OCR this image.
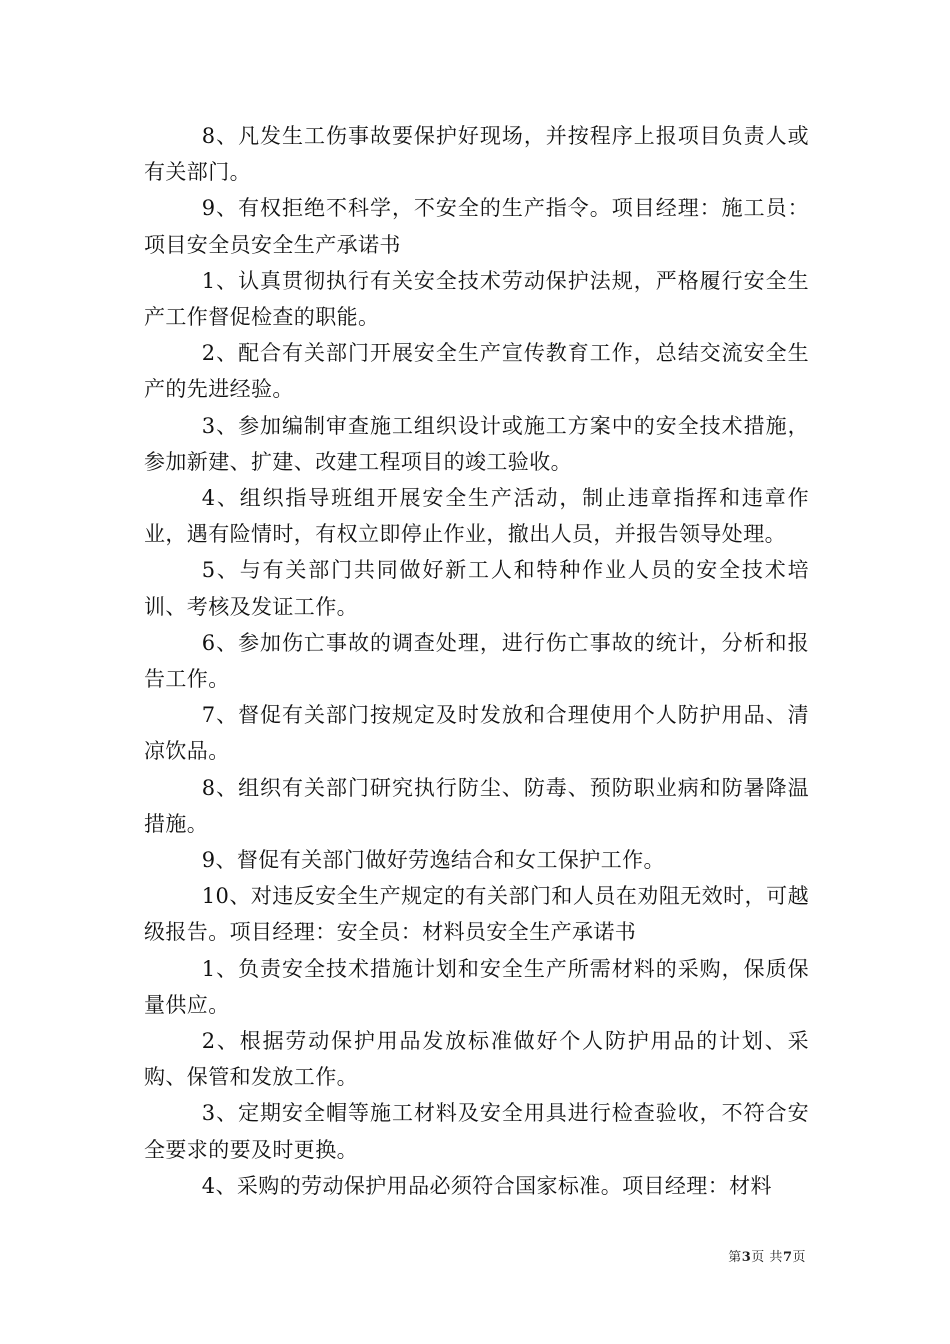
8、凡发生工伤事故要保护好现场，并按程序上报项目负责人或有关部门。

9、有权拒绝不科学，不安全的生产指令。项目经理：施工员：项目安全员安全生产承诺书

1、认真贯彻执行有关安全技术劳动保护法规，严格履行安全生产工作督促检查的职能。

2、配合有关部门开展安全生产宣传教育工作，总结交流安全生产的先进经验。

3、参加编制审查施工组织设计或施工方案中的安全技术措施，参加新建、扩建、改建工程项目的竣工验收。

4、组织指导班组开展安全生产活动，制止违章指挥和违章作业，遇有险情时，有权立即停止作业，撤出人员，并报告领导处理。

5、与有关部门共同做好新工人和特种作业人员的安全技术培训、考核及发证工作。

6、参加伤亡事故的调查处理，进行伤亡事故的统计，分析和报告工作。

7、督促有关部门按规定及时发放和合理使用个人防护用品、清凉饮品。

8、组织有关部门研究执行防尘、防毒、预防职业病和防暑降温措施。

9、督促有关部门做好劳逸结合和女工保护工作。

10、对违反安全生产规定的有关部门和人员在劝阻无效时，可越级报告。项目经理：安全员：材料员安全生产承诺书

1、负责安全技术措施计划和安全生产所需材料的采购，保质保量供应。

2、根据劳动保护用品发放标准做好个人防护用品的计划、采购、保管和发放工作。

3、定期安全帽等施工材料及安全用具进行检查验收，不符合安全要求的要及时更换。

4、采购的劳动保护用品必须符合国家标准。项目经理：材料

第3页 共7页
